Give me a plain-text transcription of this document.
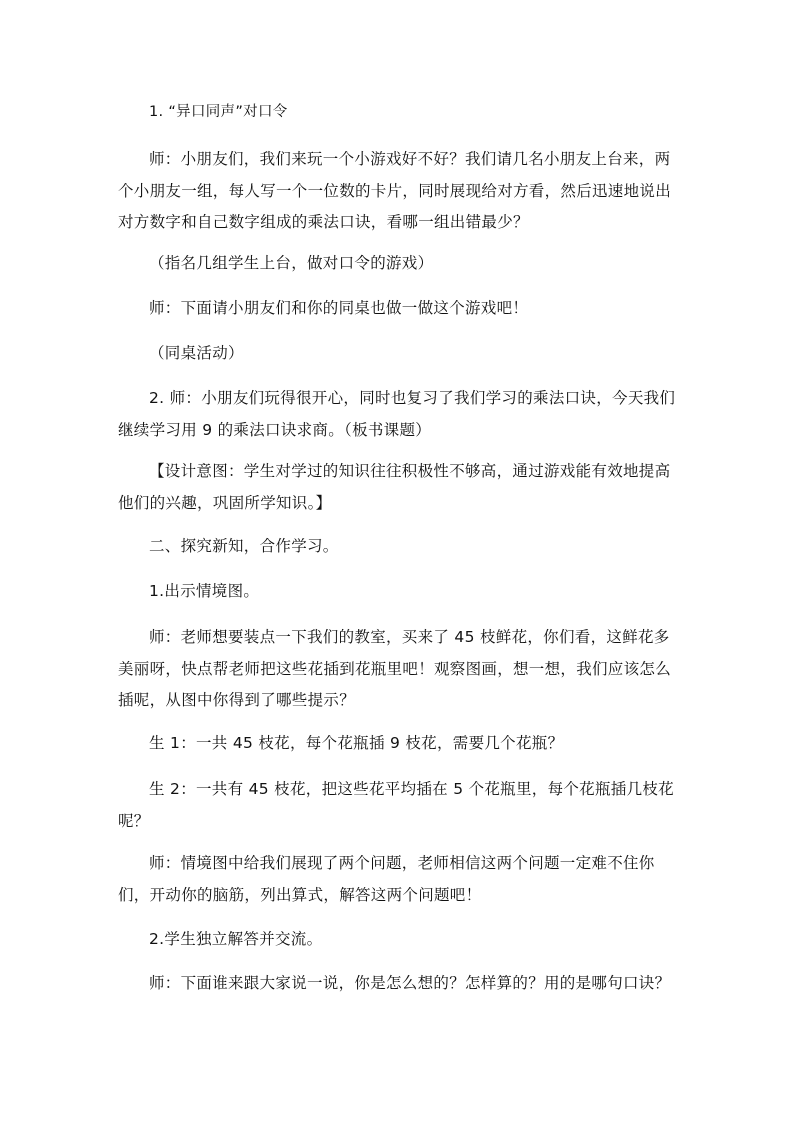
1. “异口同声”对口令

师：小朋友们，我们来玩一个小游戏好不好？我们请几名小朋友上台来，两个小朋友一组，每人写一个一位数的卡片，同时展现给对方看，然后迅速地说出对方数字和自己数字组成的乘法口诀，看哪一组出错最少？

（指名几组学生上台，做对口令的游戏）

师：下面请小朋友们和你的同桌也做一做这个游戏吧！

（同桌活动）

2. 师：小朋友们玩得很开心，同时也复习了我们学习的乘法口诀，今天我们继续学习用 9 的乘法口诀求商。（板书课题）

【设计意图：学生对学过的知识往往积极性不够高，通过游戏能有效地提高他们的兴趣，巩固所学知识。】

二、探究新知，合作学习。

1.出示情境图。

师：老师想要装点一下我们的教室，买来了 45 枝鲜花，你们看，这鲜花多美丽呀，快点帮老师把这些花插到花瓶里吧！观察图画，想一想，我们应该怎么插呢，从图中你得到了哪些提示？

生 1：一共 45 枝花，每个花瓶插 9 枝花，需要几个花瓶？

生 2：一共有 45 枝花，把这些花平均插在 5 个花瓶里，每个花瓶插几枝花呢？

师：情境图中给我们展现了两个问题，老师相信这两个问题一定难不住你们，开动你的脑筋，列出算式，解答这两个问题吧！

2.学生独立解答并交流。

师：下面谁来跟大家说一说，你是怎么想的？怎样算的？用的是哪句口诀？
